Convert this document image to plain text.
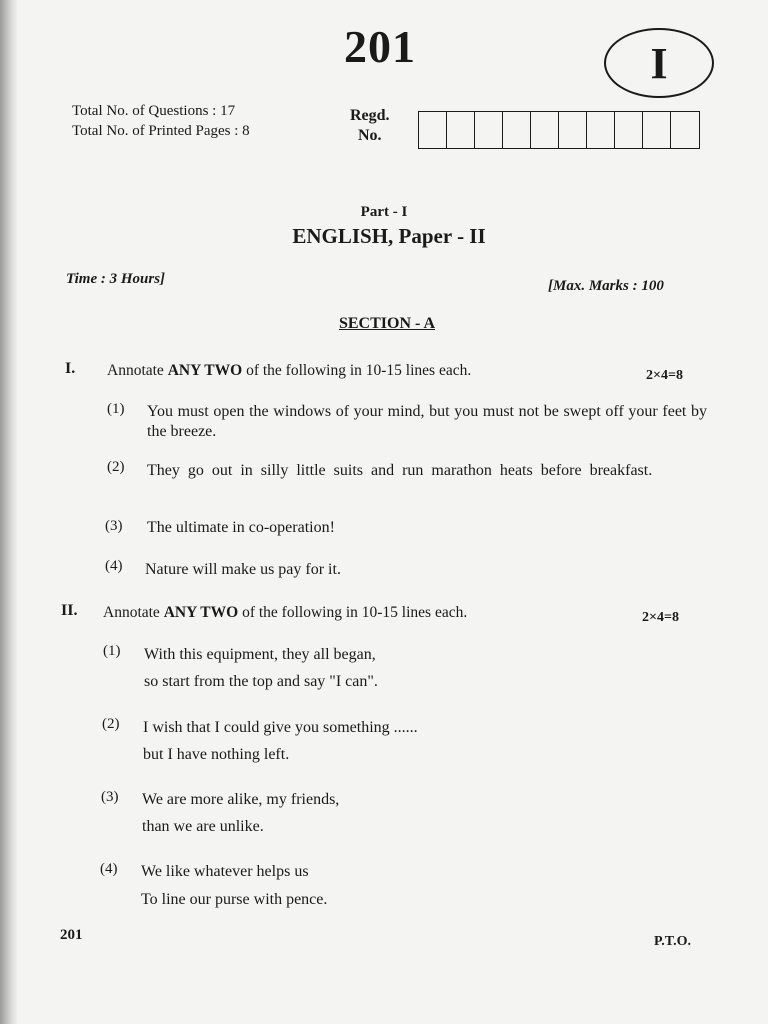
201	I
Total No. of Questions : 17
Total No. of Printed Pages : 8
Regd.
No.
Part - I
ENGLISH, Paper - II
Time : 3 Hours]	[Max. Marks : 100
SECTION - A
I. Annotate ANY TWO of the following in 10-15 lines each.	2×4=8
(1) You must open the windows of your mind, but you must not be swept off your feet by the breeze.
(2) They go out in silly little suits and run marathon heats before breakfast.
(3) The ultimate in co-operation!
(4) Nature will make us pay for it.
II. Annotate ANY TWO of the following in 10-15 lines each.	2×4=8
(1) With this equipment, they all began,
so start from the top and say "I can".
(2) I wish that I could give you something ......
but I have nothing left.
(3) We are more alike, my friends,
than we are unlike.
(4) We like whatever helps us
To line our purse with pence.
201	P.T.O.
